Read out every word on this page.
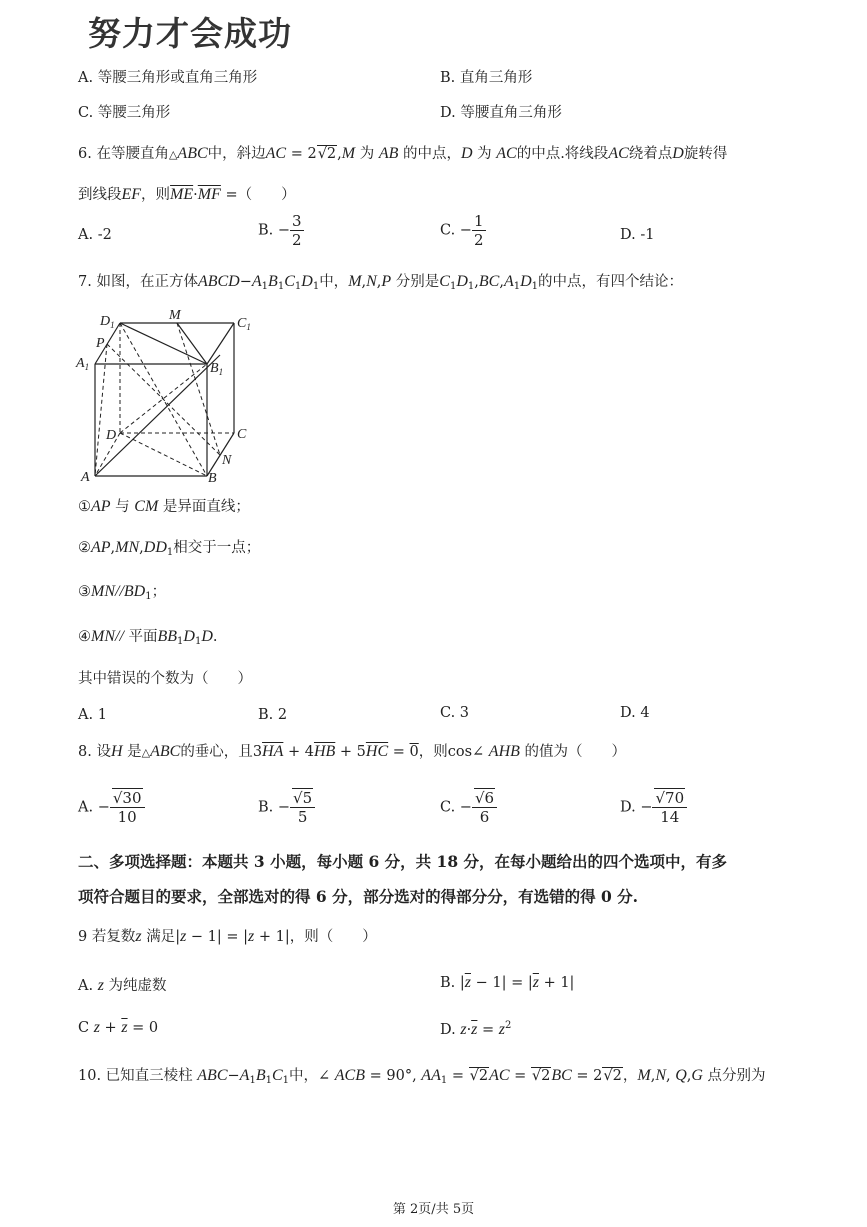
努力才会成功
A. 等腰三角形或直角三角形	B. 直角三角形
C. 等腰三角形	D. 等腰直角三角形
6. 在等腰直角△ABC中，斜边AC = 2√2,M 为 AB 的中点，D 为 AC的中点.将线段AC绕着点D旋转得
到线段EF，则$\overline{ME}\cdot\overline{MF}$ =（　　）
A. -2	B. − $\frac{3}{2}$	C. − $\frac{1}{2}$	D. -1
7. 如图，在正方体$ABCD-A_1B_1C_1D_1$中，M,N,P 分别是$C_1D_1,BC,A_1D_1$的中点，有四个结论：
$D_1$
M
$C_1$
P
$A_1$	$B_1$
D	C
N
A	B
①AP 与 CM 是异面直线；
$②AP,MN,DD_1$相交于一点；
③MN/$/BD_1$；
④MN// 平面$BB_1D_1D$.
其中错误的个数为（　　）
A. 1	B. 2	C. 3	D. 4
8. 设H 是△ABC的垂心，且$3\overline{HA} + 4\overline{HB} + 5\overline{HC} = 0$，则cos∠ AHB 的值为（　　）
A. − $\frac{√30}{10}$	B. − $\frac{√5}{5}$	C. − $\frac{√6}{6}$	D. − $\frac{√70}{14}$
二、多项选择题：本题共 3 小题，每小题 6 分，共 18 分，在每小题给出的四个选项中，有多
项符合题目的要求，全部选对的得 6 分，部分选对的得部分分，有选错的得 0 分.
9 若复数z 满足|z − 1| = |z + 1|，则（　　）
A. z 为纯虚数	B. $|\overline{z} - 1| = |\overline{z} + 1|$
C $z + \overline{z} = 0$	D. $z\cdot\overline{z} = z^2$
10. 已知直三棱柱 $ABC-A_1B_1C_1$中，∠ ACB = 90°, $AA_1 = √2AC = √2BC = 2√2$，M,N, Q,G 点分别为
第 2页/共 5页
